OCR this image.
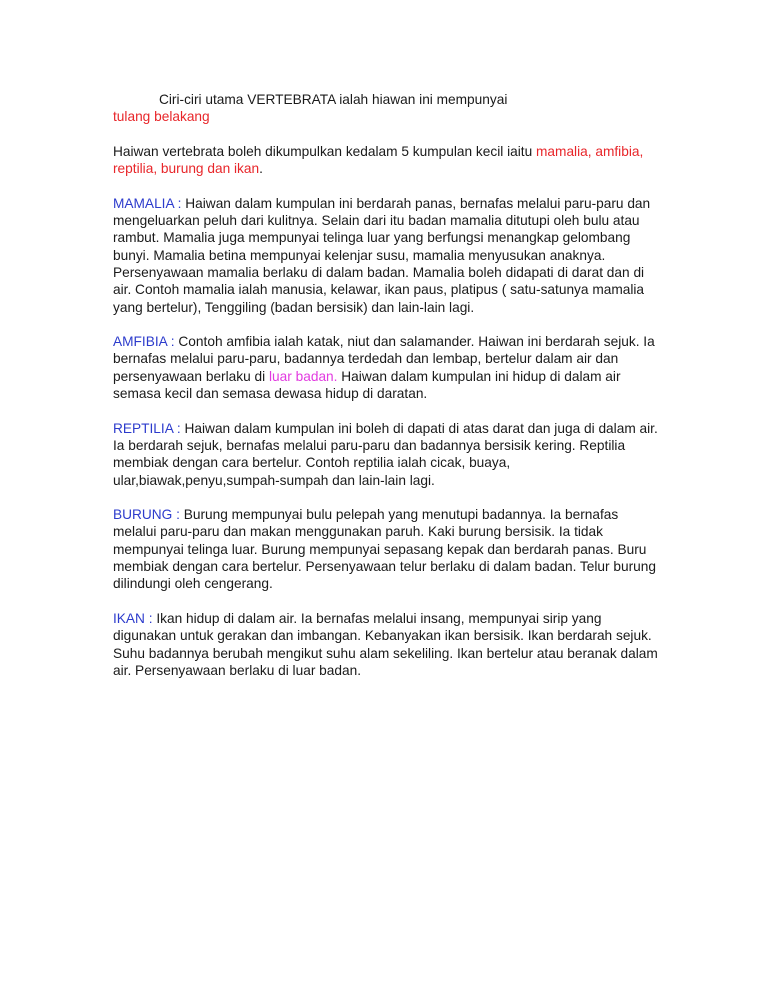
Ciri-ciri utama VERTEBRATA ialah hiawan ini mempunyai
tulang belakang

Haiwan vertebrata boleh dikumpulkan kedalam 5 kumpulan kecil iaitu mamalia, amfibia, reptilia, burung dan ikan.

MAMALIA : Haiwan dalam kumpulan ini berdarah panas, bernafas melalui paru-paru dan mengeluarkan peluh dari kulitnya. Selain dari itu badan mamalia ditutupi oleh bulu atau rambut. Mamalia juga mempunyai telinga luar yang berfungsi menangkap gelombang bunyi. Mamalia betina mempunyai kelenjar susu, mamalia menyusukan anaknya. Persenyawaan mamalia berlaku di dalam badan. Mamalia boleh didapati di darat dan di air. Contoh mamalia ialah manusia, kelawar, ikan paus, platipus ( satu-satunya mamalia yang bertelur), Tenggiling (badan bersisik) dan lain-lain lagi.

AMFIBIA : Contoh amfibia ialah katak, niut dan salamander. Haiwan ini berdarah sejuk. Ia bernafas melalui paru-paru, badannya terdedah dan lembap, bertelur dalam air dan persenyawaan berlaku di luar badan. Haiwan dalam kumpulan ini hidup di dalam air semasa kecil dan semasa dewasa hidup di daratan.

REPTILIA : Haiwan dalam kumpulan ini boleh di dapati di atas darat dan juga di dalam air. Ia berdarah sejuk, bernafas melalui paru-paru dan badannya bersisik kering. Reptilia membiak dengan cara bertelur. Contoh reptilia ialah cicak, buaya, ular,biawak,penyu,sumpah-sumpah dan lain-lain lagi.

BURUNG : Burung mempunyai bulu pelepah yang menutupi badannya. Ia bernafas melalui paru-paru dan makan menggunakan paruh. Kaki burung bersisik. Ia tidak mempunyai telinga luar. Burung mempunyai sepasang kepak dan berdarah panas. Buru membiak dengan cara bertelur. Persenyawaan telur berlaku di dalam badan. Telur burung dilindungi oleh cengerang.

IKAN : Ikan hidup di dalam air. Ia bernafas melalui insang, mempunyai sirip yang digunakan untuk gerakan dan imbangan. Kebanyakan ikan bersisik. Ikan berdarah sejuk. Suhu badannya berubah mengikut suhu alam sekeliling. Ikan bertelur atau beranak dalam air. Persenyawaan berlaku di luar badan.
